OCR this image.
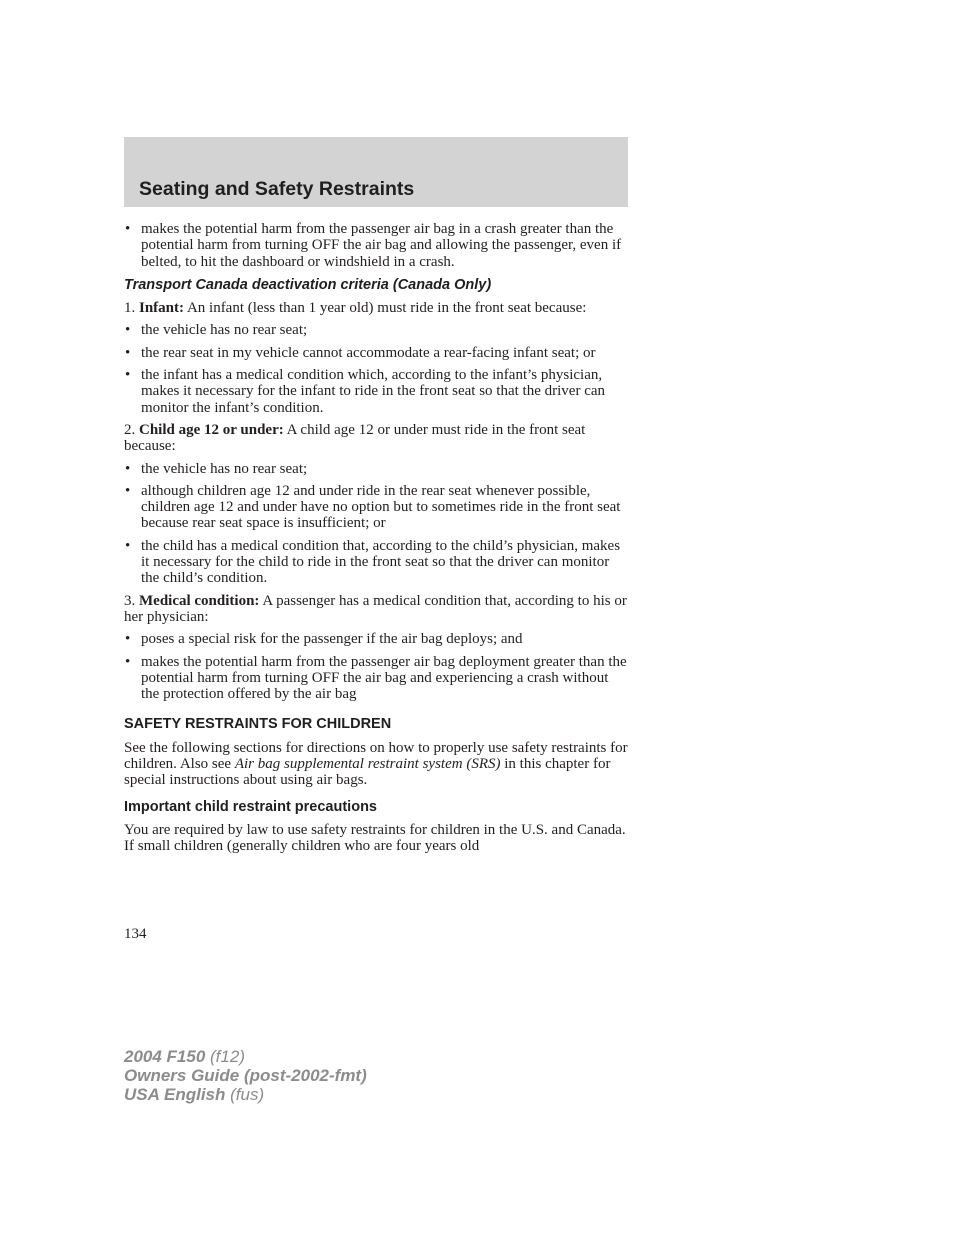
Seating and Safety Restraints
• makes the potential harm from the passenger air bag in a crash greater than the potential harm from turning OFF the air bag and allowing the passenger, even if belted, to hit the dashboard or windshield in a crash.
Transport Canada deactivation criteria (Canada Only)
1. Infant: An infant (less than 1 year old) must ride in the front seat because:
• the vehicle has no rear seat;
• the rear seat in my vehicle cannot accommodate a rear-facing infant seat; or
• the infant has a medical condition which, according to the infant’s physician, makes it necessary for the infant to ride in the front seat so that the driver can monitor the infant’s condition.
2. Child age 12 or under: A child age 12 or under must ride in the front seat because:
• the vehicle has no rear seat;
• although children age 12 and under ride in the rear seat whenever possible, children age 12 and under have no option but to sometimes ride in the front seat because rear seat space is insufficient; or
• the child has a medical condition that, according to the child’s physician, makes it necessary for the child to ride in the front seat so that the driver can monitor the child’s condition.
3. Medical condition: A passenger has a medical condition that, according to his or her physician:
• poses a special risk for the passenger if the air bag deploys; and
• makes the potential harm from the passenger air bag deployment greater than the potential harm from turning OFF the air bag and experiencing a crash without the protection offered by the air bag
SAFETY RESTRAINTS FOR CHILDREN
See the following sections for directions on how to properly use safety restraints for children. Also see Air bag supplemental restraint system (SRS) in this chapter for special instructions about using air bags.
Important child restraint precautions
You are required by law to use safety restraints for children in the U.S. and Canada. If small children (generally children who are four years old
134
2004 F150 (f12)
Owners Guide (post-2002-fmt)
USA English (fus)
